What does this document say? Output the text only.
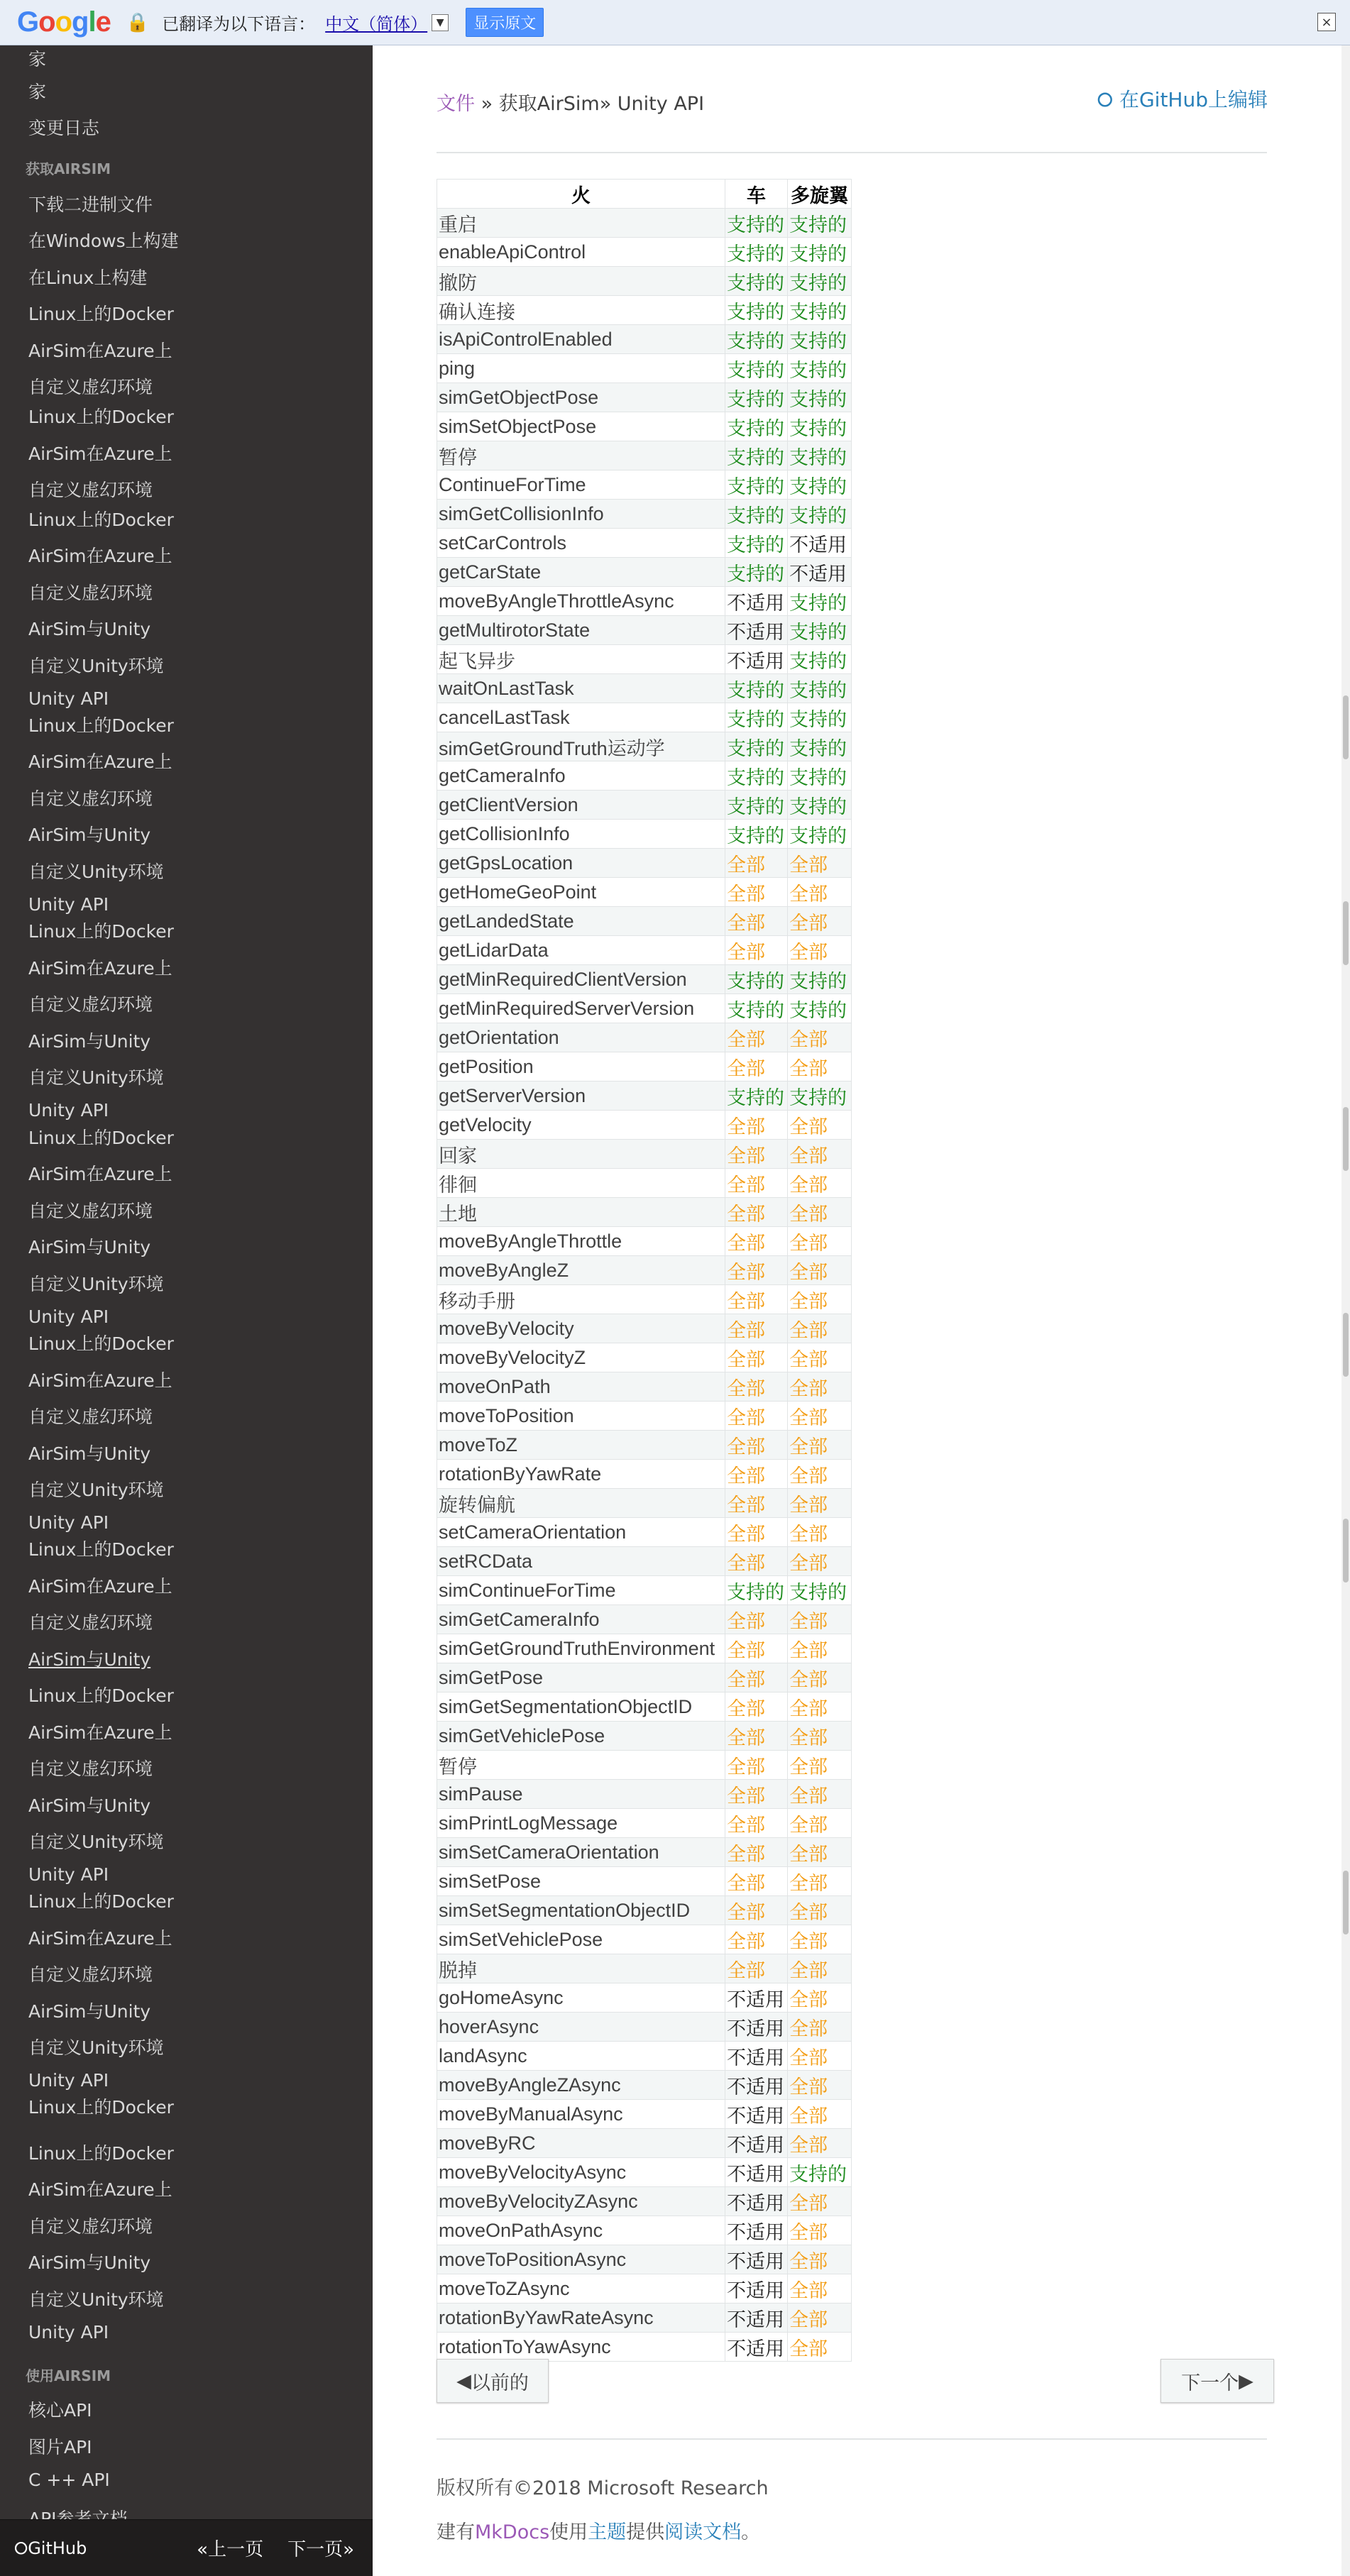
Google 🔒 已翻译为以下语言： 中文（简体） ▼	显示原文	×
家
家
变更日志
获取AIRSIM
下载二进制文件
在Windows上构建
在Linux上构建
Linux上的Docker
AirSim在Azure上
自定义虚幻环境
Linux上的Docker
AirSim在Azure上
自定义虚幻环境
Linux上的Docker
AirSim在Azure上
自定义虚幻环境
AirSim与Unity
自定义Unity环境
Unity API
Linux上的Docker
AirSim在Azure上
自定义虚幻环境
AirSim与Unity
自定义Unity环境
Unity API
Linux上的Docker
AirSim在Azure上
自定义虚幻环境
AirSim与Unity
自定义Unity环境
Unity API
Linux上的Docker
AirSim在Azure上
自定义虚幻环境
AirSim与Unity
自定义Unity环境
Unity API
Linux上的Docker
AirSim在Azure上
自定义虚幻环境
AirSim与Unity
自定义Unity环境
Unity API
Linux上的Docker
AirSim在Azure上
自定义虚幻环境
AirSim与Unity
Linux上的Docker
AirSim在Azure上
自定义虚幻环境
AirSim与Unity
自定义Unity环境
Unity API
Linux上的Docker
AirSim在Azure上
自定义虚幻环境
AirSim与Unity
自定义Unity环境
Unity API
Linux上的Docker
Linux上的Docker
AirSim在Azure上
自定义虚幻环境
AirSim与Unity
自定义Unity环境
Unity API
使用AIRSIM
核心API
图片API
C ++ API
⭘GitHub	«上一页 下一页»
文件 » 获取AirSim» Unity API	⭘ 在GitHub上编辑
火	车	多旋翼
重启	支持的	支持的
enableApiControl	支持的	支持的
撤防	支持的	支持的
确认连接	支持的	支持的
isApiControlEnabled	支持的	支持的
ping	支持的	支持的
simGetObjectPose	支持的	支持的
simSetObjectPose	支持的	支持的
暂停	支持的	支持的
ContinueForTime	支持的	支持的
simGetCollisionInfo	支持的	支持的
setCarControls	支持的	不适用
getCarState	支持的	不适用
moveByAngleThrottleAsync	不适用	支持的
getMultirotorState	不适用	支持的
起飞异步	不适用	支持的
waitOnLastTask	支持的	支持的
cancelLastTask	支持的	支持的
simGetGroundTruth运动学	支持的	支持的
getCameraInfo	支持的	支持的
getClientVersion	支持的	支持的
getCollisionInfo	支持的	支持的
getGpsLocation	全部	全部
getHomeGeoPoint	全部	全部
getLandedState	全部	全部
getLidarData	全部	全部
getMinRequiredClientVersion	支持的	支持的
getMinRequiredServerVersion	支持的	支持的
getOrientation	全部	全部
getPosition	全部	全部
getServerVersion	支持的	支持的
getVelocity	全部	全部
回家	全部	全部
徘徊	全部	全部
土地	全部	全部
moveByAngleThrottle	全部	全部
moveByAngleZ	全部	全部
移动手册	全部	全部
moveByVelocity	全部	全部
moveByVelocityZ	全部	全部
moveOnPath	全部	全部
moveToPosition	全部	全部
moveToZ	全部	全部
rotationByYawRate	全部	全部
旋转偏航	全部	全部
setCameraOrientation	全部	全部
setRCData	全部	全部
simContinueForTime	支持的	支持的
simGetCameraInfo	全部	全部
simGetGroundTruthEnvironment	全部	全部
simGetPose	全部	全部
simGetSegmentationObjectID	全部	全部
simGetVehiclePose	全部	全部
暂停	全部	全部
simPause	全部	全部
simPrintLogMessage	全部	全部
simSetCameraOrientation	全部	全部
simSetPose	全部	全部
simSetSegmentationObjectID	全部	全部
simSetVehiclePose	全部	全部
脱掉	全部	全部
goHomeAsync	不适用	全部
hoverAsync	不适用	全部
landAsync	不适用	全部
moveByAngleZAsync	不适用	全部
moveByManualAsync	不适用	全部
moveByRC	不适用	全部
moveByVelocityAsync	不适用	支持的
moveByVelocityZAsync	不适用	全部
moveOnPathAsync	不适用	全部
moveToPositionAsync	不适用	全部
moveToZAsync	不适用	全部
rotationByYawRateAsync	不适用	全部
rotationToYawAsync	不适用	全部
◀ 以前的	下一个 ▶
版权所有©2018 Microsoft Research
建有MkDocs使用主题提供阅读文档。
